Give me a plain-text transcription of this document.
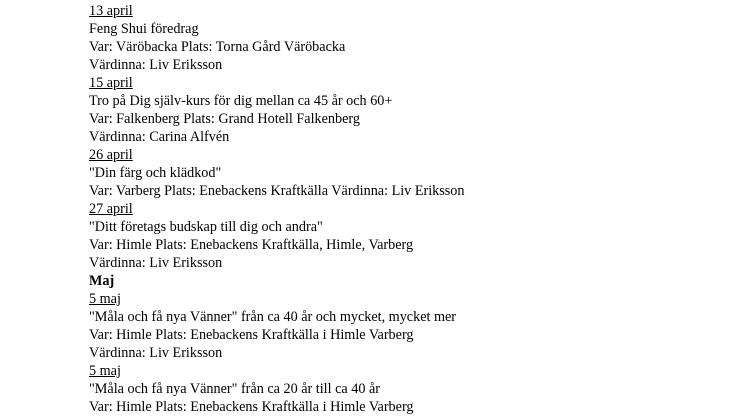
13 april
Feng Shui föredrag
Var: Väröbacka Plats: Torna Gård Väröbacka
Värdinna: Liv Eriksson
15 april
Tro på Dig själv-kurs för dig mellan ca 45 år och 60+
Var: Falkenberg Plats: Grand Hotell Falkenberg
Värdinna: Carina Alfvén
26 april
"Din färg och klädkod"
Var: Varberg Plats: Enebackens Kraftkälla Värdinna: Liv Eriksson
27 april
"Ditt företags budskap till dig och andra"
Var: Himle Plats: Enebackens Kraftkälla, Himle, Varberg
Värdinna: Liv Eriksson
Maj
5 maj
"Måla och få nya Vänner" från ca 40 år och mycket, mycket mer
Var: Himle Plats: Enebackens Kraftkälla i Himle Varberg
Värdinna: Liv Eriksson
5 maj
"Måla och få nya Vänner" från ca 20 år till ca 40 år
Var: Himle Plats: Enebackens Kraftkälla i Himle Varberg
